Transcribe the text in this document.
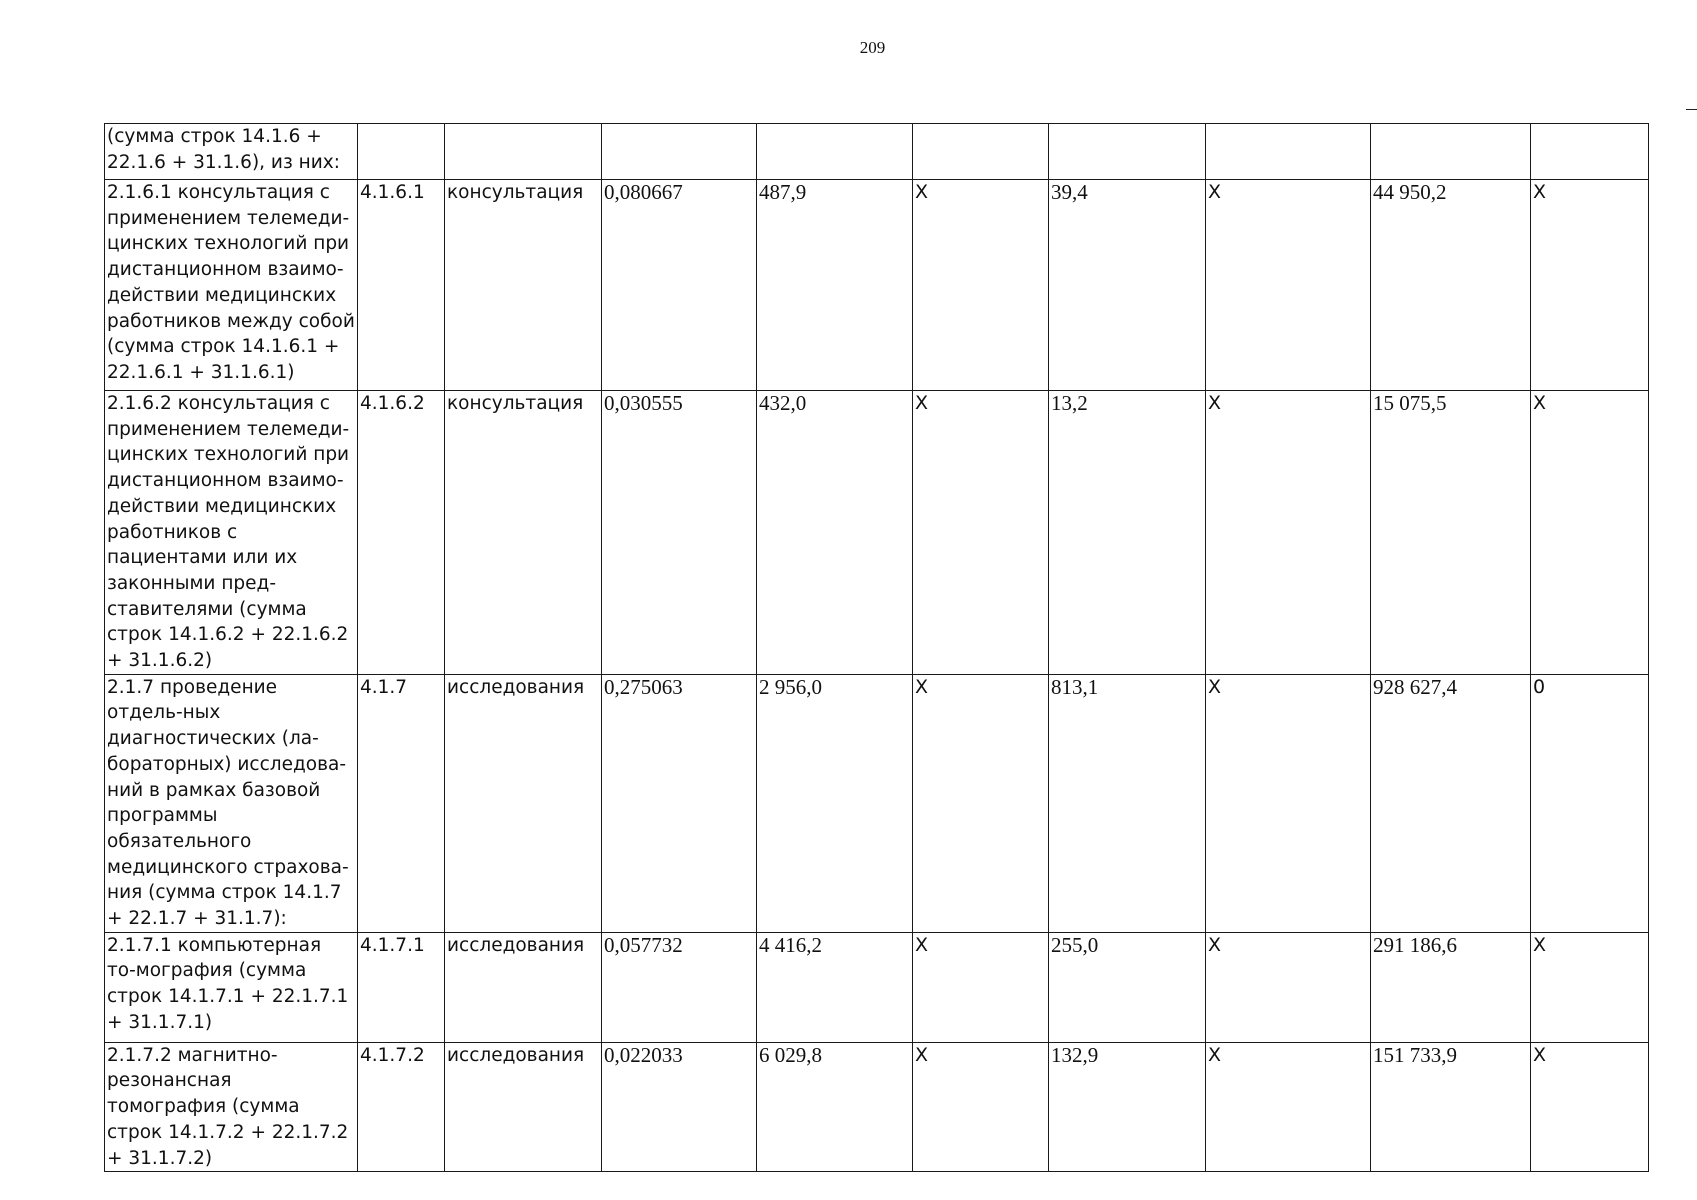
209
(сумма строк 14.1.6 + 22.1.6 + 31.1.6), из них:									
2.1.6.1 консультация с применением телемеди-цинских технологий при дистанционном взаимо-действии медицинских работников между собой (сумма строк 14.1.6.1 + 22.1.6.1 + 31.1.6.1)	4.1.6.1	консультация	0,080667	487,9	X	39,4	X	44 950,2	X
2.1.6.2 консультация с применением телемеди-цинских технологий при дистанционном взаимо-действии медицинских работников с пациентами или их законными пред-ставителями (сумма строк 14.1.6.2 + 22.1.6.2 + 31.1.6.2)	4.1.6.2	консультация	0,030555	432,0	X	13,2	X	15 075,5	X
2.1.7 проведение отдель-ных диагностических (ла-бораторных) исследова-ний в рамках базовой программы обязательного медицинского страхова-ния (сумма строк 14.1.7 + 22.1.7 + 31.1.7):	4.1.7	исследования	0,275063	2 956,0	X	813,1	X	928 627,4	0
2.1.7.1 компьютерная то-мография (сумма строк 14.1.7.1 + 22.1.7.1 + 31.1.7.1)	4.1.7.1	исследования	0,057732	4 416,2	X	255,0	X	291 186,6	X
2.1.7.2 магнитно-резонансная томография (сумма строк 14.1.7.2 + 22.1.7.2 + 31.1.7.2)	4.1.7.2	исследования	0,022033	6 029,8	X	132,9	X	151 733,9	X
